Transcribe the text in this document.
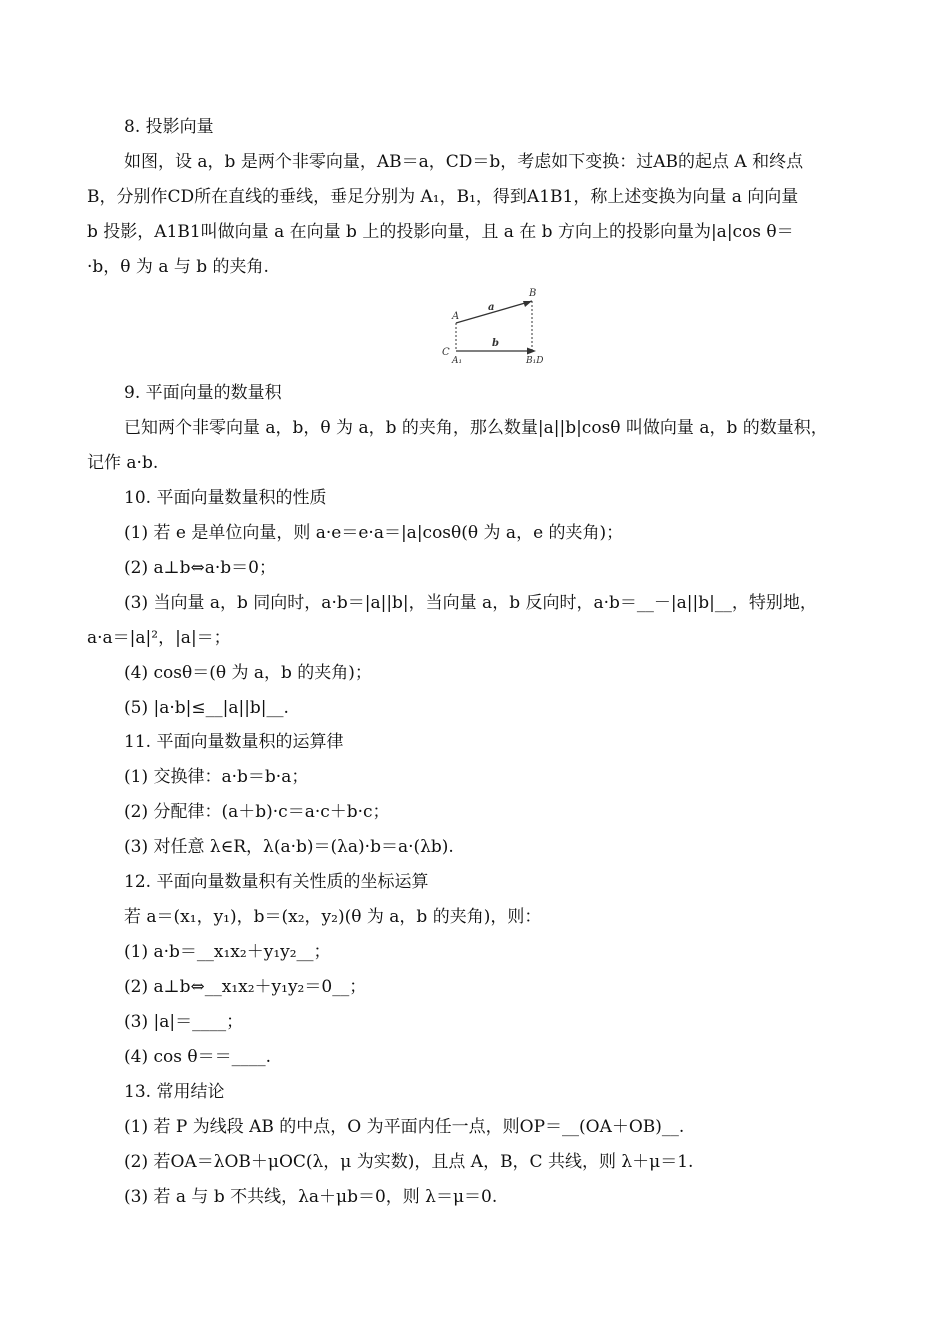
8. 投影向量
如图，设 a，b 是两个非零向量，AB＝a，CD＝b，考虑如下变换：过AB的起点 A 和终点
B，分别作CD所在直线的垂线，垂足分别为 A₁，B₁，得到A1B1，称上述变换为向量 a 向向量
b 投影，A1B1叫做向量 a 在向量 b 上的投影向量，且 a 在 b 方向上的投影向量为|a|cos θ＝
·b，θ 为 a 与 b 的夹角.
A
B
C
A₁	B₁D
a
b
9. 平面向量的数量积
已知两个非零向量 a，b，θ 为 a，b 的夹角，那么数量|a||b|cosθ 叫做向量 a，b 的数量积，
记作 a·b.
10. 平面向量数量积的性质
(1) 若 e 是单位向量，则 a·e＝e·a＝|a|cosθ(θ 为 a，e 的夹角)；
(2) a⊥b⇔a·b＝0；
(3) 当向量 a，b 同向时，a·b＝|a||b|，当向量 a，b 反向时，a·b＝__－|a||b|__，特别地，
a·a＝|a|²，|a|＝；
(4) cosθ＝(θ 为 a，b 的夹角)；
(5) |a·b|≤__|a||b|__.
11. 平面向量数量积的运算律
(1) 交换律：a·b＝b·a；
(2) 分配律：(a＋b)·c＝a·c＋b·c；
(3) 对任意 λ∈R，λ(a·b)＝(λa)·b＝a·(λb).
12. 平面向量数量积有关性质的坐标运算
若 a＝(x₁，y₁)，b＝(x₂，y₂)(θ 为 a，b 的夹角)，则：
(1) a·b＝__x₁x₂＋y₁y₂__；
(2) a⊥b⇔__x₁x₂＋y₁y₂＝0__；
(3) |a|＝____；
(4) cos θ＝＝____.
13. 常用结论
(1) 若 P 为线段 AB 的中点，O 为平面内任一点，则OP＝__(OA＋OB)__.
(2) 若OA＝λOB＋μOC(λ，μ 为实数)，且点 A，B，C 共线，则 λ＋μ＝1.
(3) 若 a 与 b 不共线，λa＋μb＝0，则 λ＝μ＝0.
